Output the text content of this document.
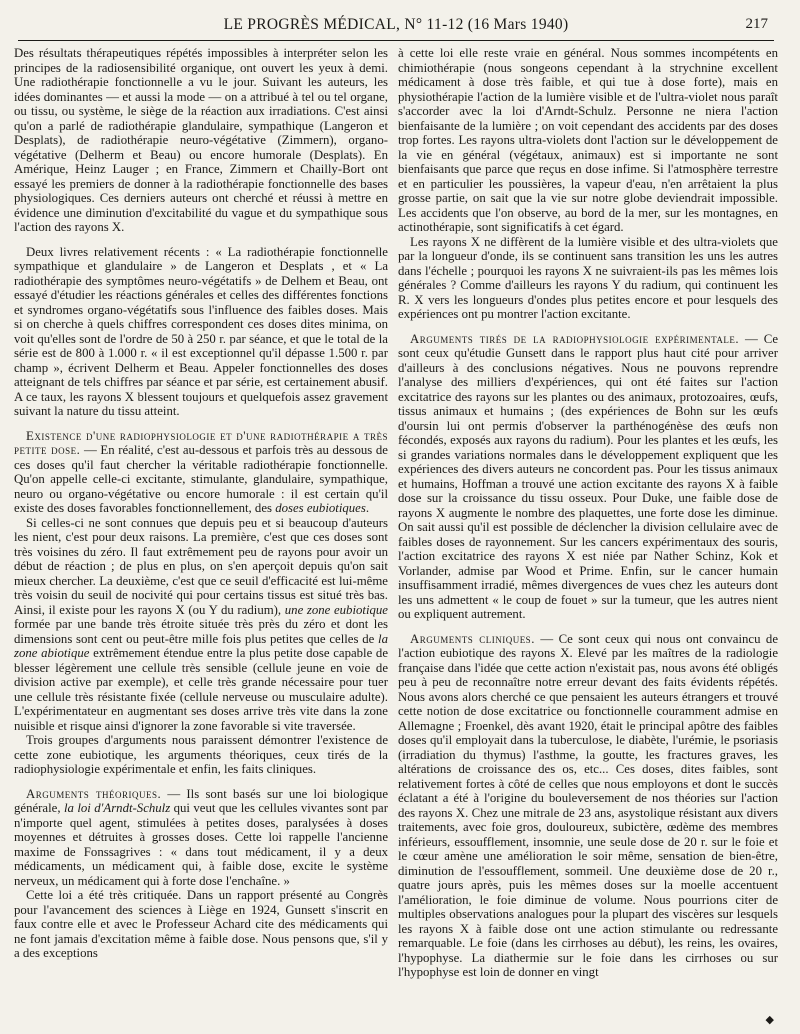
LE PROGRÈS MÉDICAL, N° 11-12 (16 Mars 1940)	217

Des résultats thérapeutiques répétés impossibles à interpréter selon les principes de la radiosensibilité organique, ont ouvert les yeux à demi. Une radiothérapie fonctionnelle a vu le jour. Suivant les auteurs, les idées dominantes — et aussi la mode — on a attribué à tel ou tel organe, ou tissu, ou système, le siège de la réaction aux irradiations. C'est ainsi qu'on a parlé de radiothérapie glandulaire, sympathique (Langeron et Desplats), de radiothérapie neuro-végétative (Zimmern), organo-végétative (Delherm et Beau) ou encore humorale (Desplats). En Amérique, Heinz Lauger ; en France, Zimmern et Chailly-Bort ont essayé les premiers de donner à la radiothérapie fonctionnelle des bases physiologiques. Ces derniers auteurs ont cherché et réussi à mettre en évidence une diminution d'excitabilité du vague et du sympathique sous l'action des rayons X.

Deux livres relativement récents : « La radiothérapie fonctionnelle sympathique et glandulaire » de Langeron et Desplats , et « La radiothérapie des symptômes neuro-végétatifs » de Delhem et Beau, ont essayé d'étudier les réactions générales et celles des différentes fonctions et syndromes organo-végétatifs sous l'influence des faibles doses. Mais si on cherche à quels chiffres correspondent ces doses dites minima, on voit qu'elles sont de l'ordre de 50 à 250 r. par séance, et que le total de la série est de 800 à 1.000 r. « il est exceptionnel qu'il dépasse 1.500 r. par champ », écrivent Delherm et Beau. Appeler fonctionnelles des doses atteignant de tels chiffres par séance et par série, est certainement abusif. A ce taux, les rayons X blessent toujours et quelquefois assez gravement suivant la nature du tissu atteint.

Existence d'une radiophysiologie et d'une radiothérapie a très petite dose. — En réalité, c'est au-dessous et parfois très au dessous de ces doses qu'il faut chercher la véritable radiothérapie fonctionnelle. Qu'on appelle celle-ci excitante, stimulante, glandulaire, sympathique, neuro ou organo-végétative ou encore humorale : il est certain qu'il existe des doses favorables fonctionnellement, des doses eubiotiques.

Si celles-ci ne sont connues que depuis peu et si beaucoup d'auteurs les nient, c'est pour deux raisons. La première, c'est que ces doses sont très voisines du zéro. Il faut extrêmement peu de rayons pour avoir un début de réaction ; de plus en plus, on s'en aperçoit depuis qu'on sait mieux chercher. La deuxième, c'est que ce seuil d'efficacité est lui-même très voisin du seuil de nocivité qui pour certains tissus est situé très bas. Ainsi, il existe pour les rayons X (ou Y du radium), une zone eubiotique formée par une bande très étroite située très près du zéro et dont les dimensions sont cent ou peut-être mille fois plus petites que celles de la zone abiotique extrêmement étendue entre la plus petite dose capable de blesser légèrement une cellule très sensible (cellule jeune en voie de division active par exemple), et celle très grande nécessaire pour tuer une cellule très résistante fixée (cellule nerveuse ou musculaire adulte). L'expérimentateur en augmentant ses doses arrive très vite dans la zone nuisible et risque ainsi d'ignorer la zone favorable si vite traversée.

Trois groupes d'arguments nous paraissent démontrer l'existence de cette zone eubiotique, les arguments théoriques, ceux tirés de la radiophysiologie expérimentale et enfin, les faits cliniques.

Arguments théoriques. — Ils sont basés sur une loi biologique générale, la loi d'Arndt-Schulz qui veut que les cellules vivantes sont par n'importe quel agent, stimulées à petites doses, paralysées à doses moyennes et détruites à grosses doses. Cette loi rappelle l'ancienne maxime de Fonssagrives : « dans tout médicament, il y a deux médicaments, un médicament qui, à faible dose, excite le système nerveux, un médicament qui à forte dose l'enchaîne. »

Cette loi a été très critiquée. Dans un rapport présenté au Congrès pour l'avancement des sciences à Liège en 1924, Gunsett s'inscrit en faux contre elle et avec le Professeur Achard cite des médicaments qui ne font jamais d'excitation même à faible dose. Nous pensons que, s'il y a des exceptions

à cette loi elle reste vraie en général. Nous sommes incompétents en chimiothérapie (nous songeons cependant à la strychnine excellent médicament à dose très faible, et qui tue à dose forte), mais en physiothérapie l'action de la lumière visible et de l'ultra-violet nous paraît s'accorder avec la loi d'Arndt-Schulz. Personne ne niera l'action bienfaisante de la lumière ; on voit cependant des accidents par des doses trop fortes. Les rayons ultra-violets dont l'action sur le développement de la vie en général (végétaux, animaux) est si importante ne sont bienfaisants que parce que reçus en dose infime. Si l'atmosphère terrestre et en particulier les poussières, la vapeur d'eau, n'en arrêtaient la plus grosse partie, on sait que la vie sur notre globe deviendrait impossible. Les accidents que l'on observe, au bord de la mer, sur les montagnes, en actinothérapie, sont significatifs à cet égard.

Les rayons X ne diffèrent de la lumière visible et des ultra-violets que par la longueur d'onde, ils se continuent sans transition les uns les autres dans l'échelle ; pourquoi les rayons X ne suivraient-ils pas les mêmes lois générales ? Comme d'ailleurs les rayons Y du radium, qui continuent les R. X vers les longueurs d'ondes plus petites encore et pour lesquels des expériences ont pu montrer l'action excitante.

Arguments tirés de la radiophysiologie expérimentale. — Ce sont ceux qu'étudie Gunsett dans le rapport plus haut cité pour arriver d'ailleurs à des conclusions négatives. Nous ne pouvons reprendre l'analyse des milliers d'expériences, qui ont été faites sur l'action excitatrice des rayons sur les plantes ou des animaux, protozoaires, œufs, tissus animaux et humains ; (des expériences de Bohn sur les œufs d'oursin lui ont permis d'observer la parthénogénèse des œufs non fécondés, exposés aux rayons du radium). Pour les plantes et les œufs, les si grandes variations normales dans le développement expliquent que les expériences des divers auteurs ne concordent pas. Pour les tissus animaux et humains, Hoffman a trouvé une action excitante des rayons X à faible dose sur la croissance du tissu osseux. Pour Duke, une faible dose de rayons X augmente le nombre des plaquettes, une forte dose les diminue. On sait aussi qu'il est possible de déclencher la division cellulaire avec de faibles doses de rayonnement. Sur les cancers expérimentaux des souris, l'action excitatrice des rayons X est niée par Nather Schinz, Kok et Vorlander, admise par Wood et Prime. Enfin, sur le cancer humain insuffisamment irradié, mêmes divergences de vues chez les auteurs dont les uns admettent « le coup de fouet » sur la tumeur, que les autres nient ou expliquent autrement.

Arguments cliniques. — Ce sont ceux qui nous ont convaincu de l'action eubiotique des rayons X. Elevé par les maîtres de la radiologie française dans l'idée que cette action n'existait pas, nous avons été obligés peu à peu de reconnaître notre erreur devant des faits évidents répétés. Nous avons alors cherché ce que pensaient les auteurs étrangers et trouvé cette notion de dose excitatrice ou fonctionnelle couramment admise en Allemagne ; Froenkel, dès avant 1920, était le principal apôtre des faibles doses qu'il employait dans la tuberculose, le diabète, l'urémie, le psoriasis (irradiation du thymus) l'asthme, la goutte, les fractures graves, les altérations de croissance des os, etc... Ces doses, dites faibles, sont relativement fortes à côté de celles que nous employons et dont le succès éclatant a été à l'origine du bouleversement de nos théories sur l'action des rayons X. Chez une mitrale de 23 ans, asystolique résistant aux divers traitements, avec foie gros, douloureux, subictère, œdème des membres inférieurs, essoufflement, insomnie, une seule dose de 20 r. sur le foie et le cœur amène une amélioration le soir même, sensation de bien-être, diminution de l'essoufflement, sommeil. Une deuxième dose de 20 r., quatre jours après, puis les mêmes doses sur la moelle accentuent l'amélioration, le foie diminue de volume. Nous pourrions citer de multiples observations analogues pour la plupart des viscères sur lesquels les rayons X à faible dose ont une action stimulante ou redressante remarquable. Le foie (dans les cirrhoses au début), les reins, les ovaires, l'hypophyse. La diathermie sur le foie dans les cirrhoses ou sur l'hypophyse est loin de donner en vingt

◆
